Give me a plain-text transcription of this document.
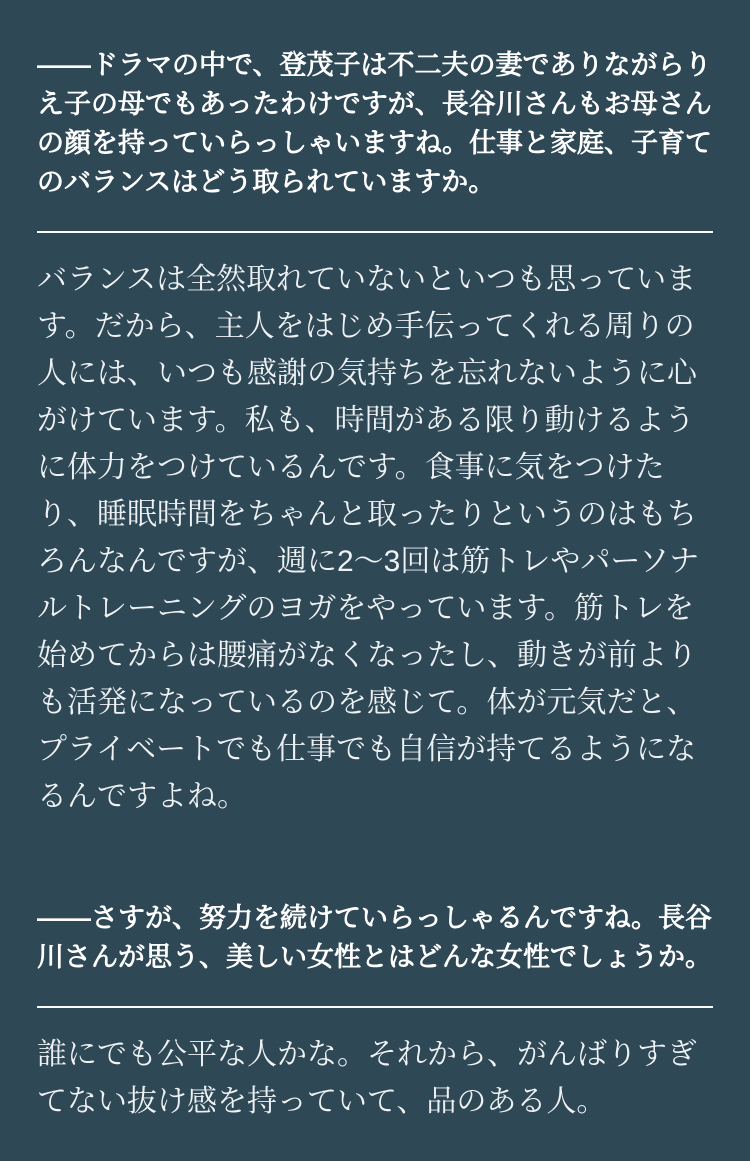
——ドラマの中で、登茂子は不二夫の妻でありながらりえ子の母でもあったわけですが、長谷川さんもお母さんの顔を持っていらっしゃいますね。仕事と家庭、子育てのバランスはどう取られていますか。

バランスは全然取れていないといつも思っています。だから、主人をはじめ手伝ってくれる周りの人には、いつも感謝の気持ちを忘れないように心がけています。私も、時間がある限り動けるように体力をつけているんです。食事に気をつけたり、睡眠時間をちゃんと取ったりというのはもちろんなんですが、週に2〜3回は筋トレやパーソナルトレーニングのヨガをやっています。筋トレを始めてからは腰痛がなくなったし、動きが前よりも活発になっているのを感じて。体が元気だと、プライベートでも仕事でも自信が持てるようになるんですよね。

——さすが、努力を続けていらっしゃるんですね。長谷川さんが思う、美しい女性とはどんな女性でしょうか。

誰にでも公平な人かな。それから、がんばりすぎてない抜け感を持っていて、品のある人。
